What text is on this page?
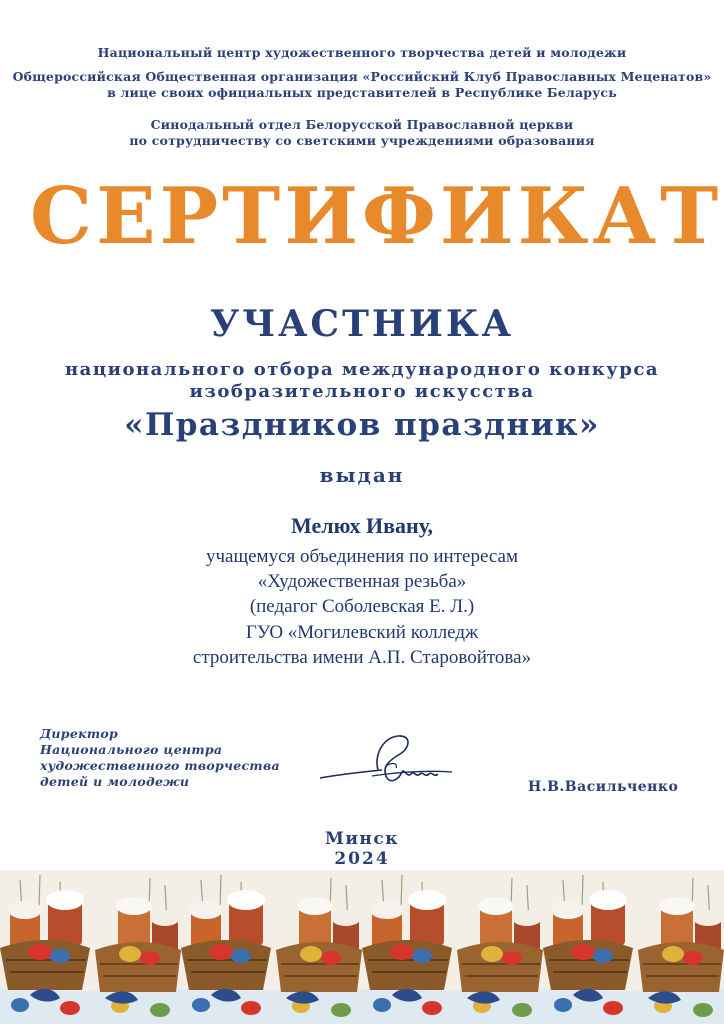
Национальный центр художественного творчества детей и молодежи
Общероссийская Общественная организация «Российский Клуб Православных Меценатов»
в лице своих официальных представителей в Республике Беларусь
Синодальный отдел Белорусской Православной церкви
по сотрудничеству со светскими учреждениями образования
СЕРТИФИКАТ
УЧАСТНИКА
национального отбора международного конкурса
изобразительного искусства
«Праздников праздник»
выдан
Мелюх Ивану,
учащемуся объединения по интересам
«Художественная резьба»
(педагог Соболевская Е. Л.)
ГУО «Могилевский колледж
строительства имени А.П. Старовойтова»
Директор
Национального центра
художественного творчества
детей и молодежи	Н.В.Васильченко
Минск
2024
